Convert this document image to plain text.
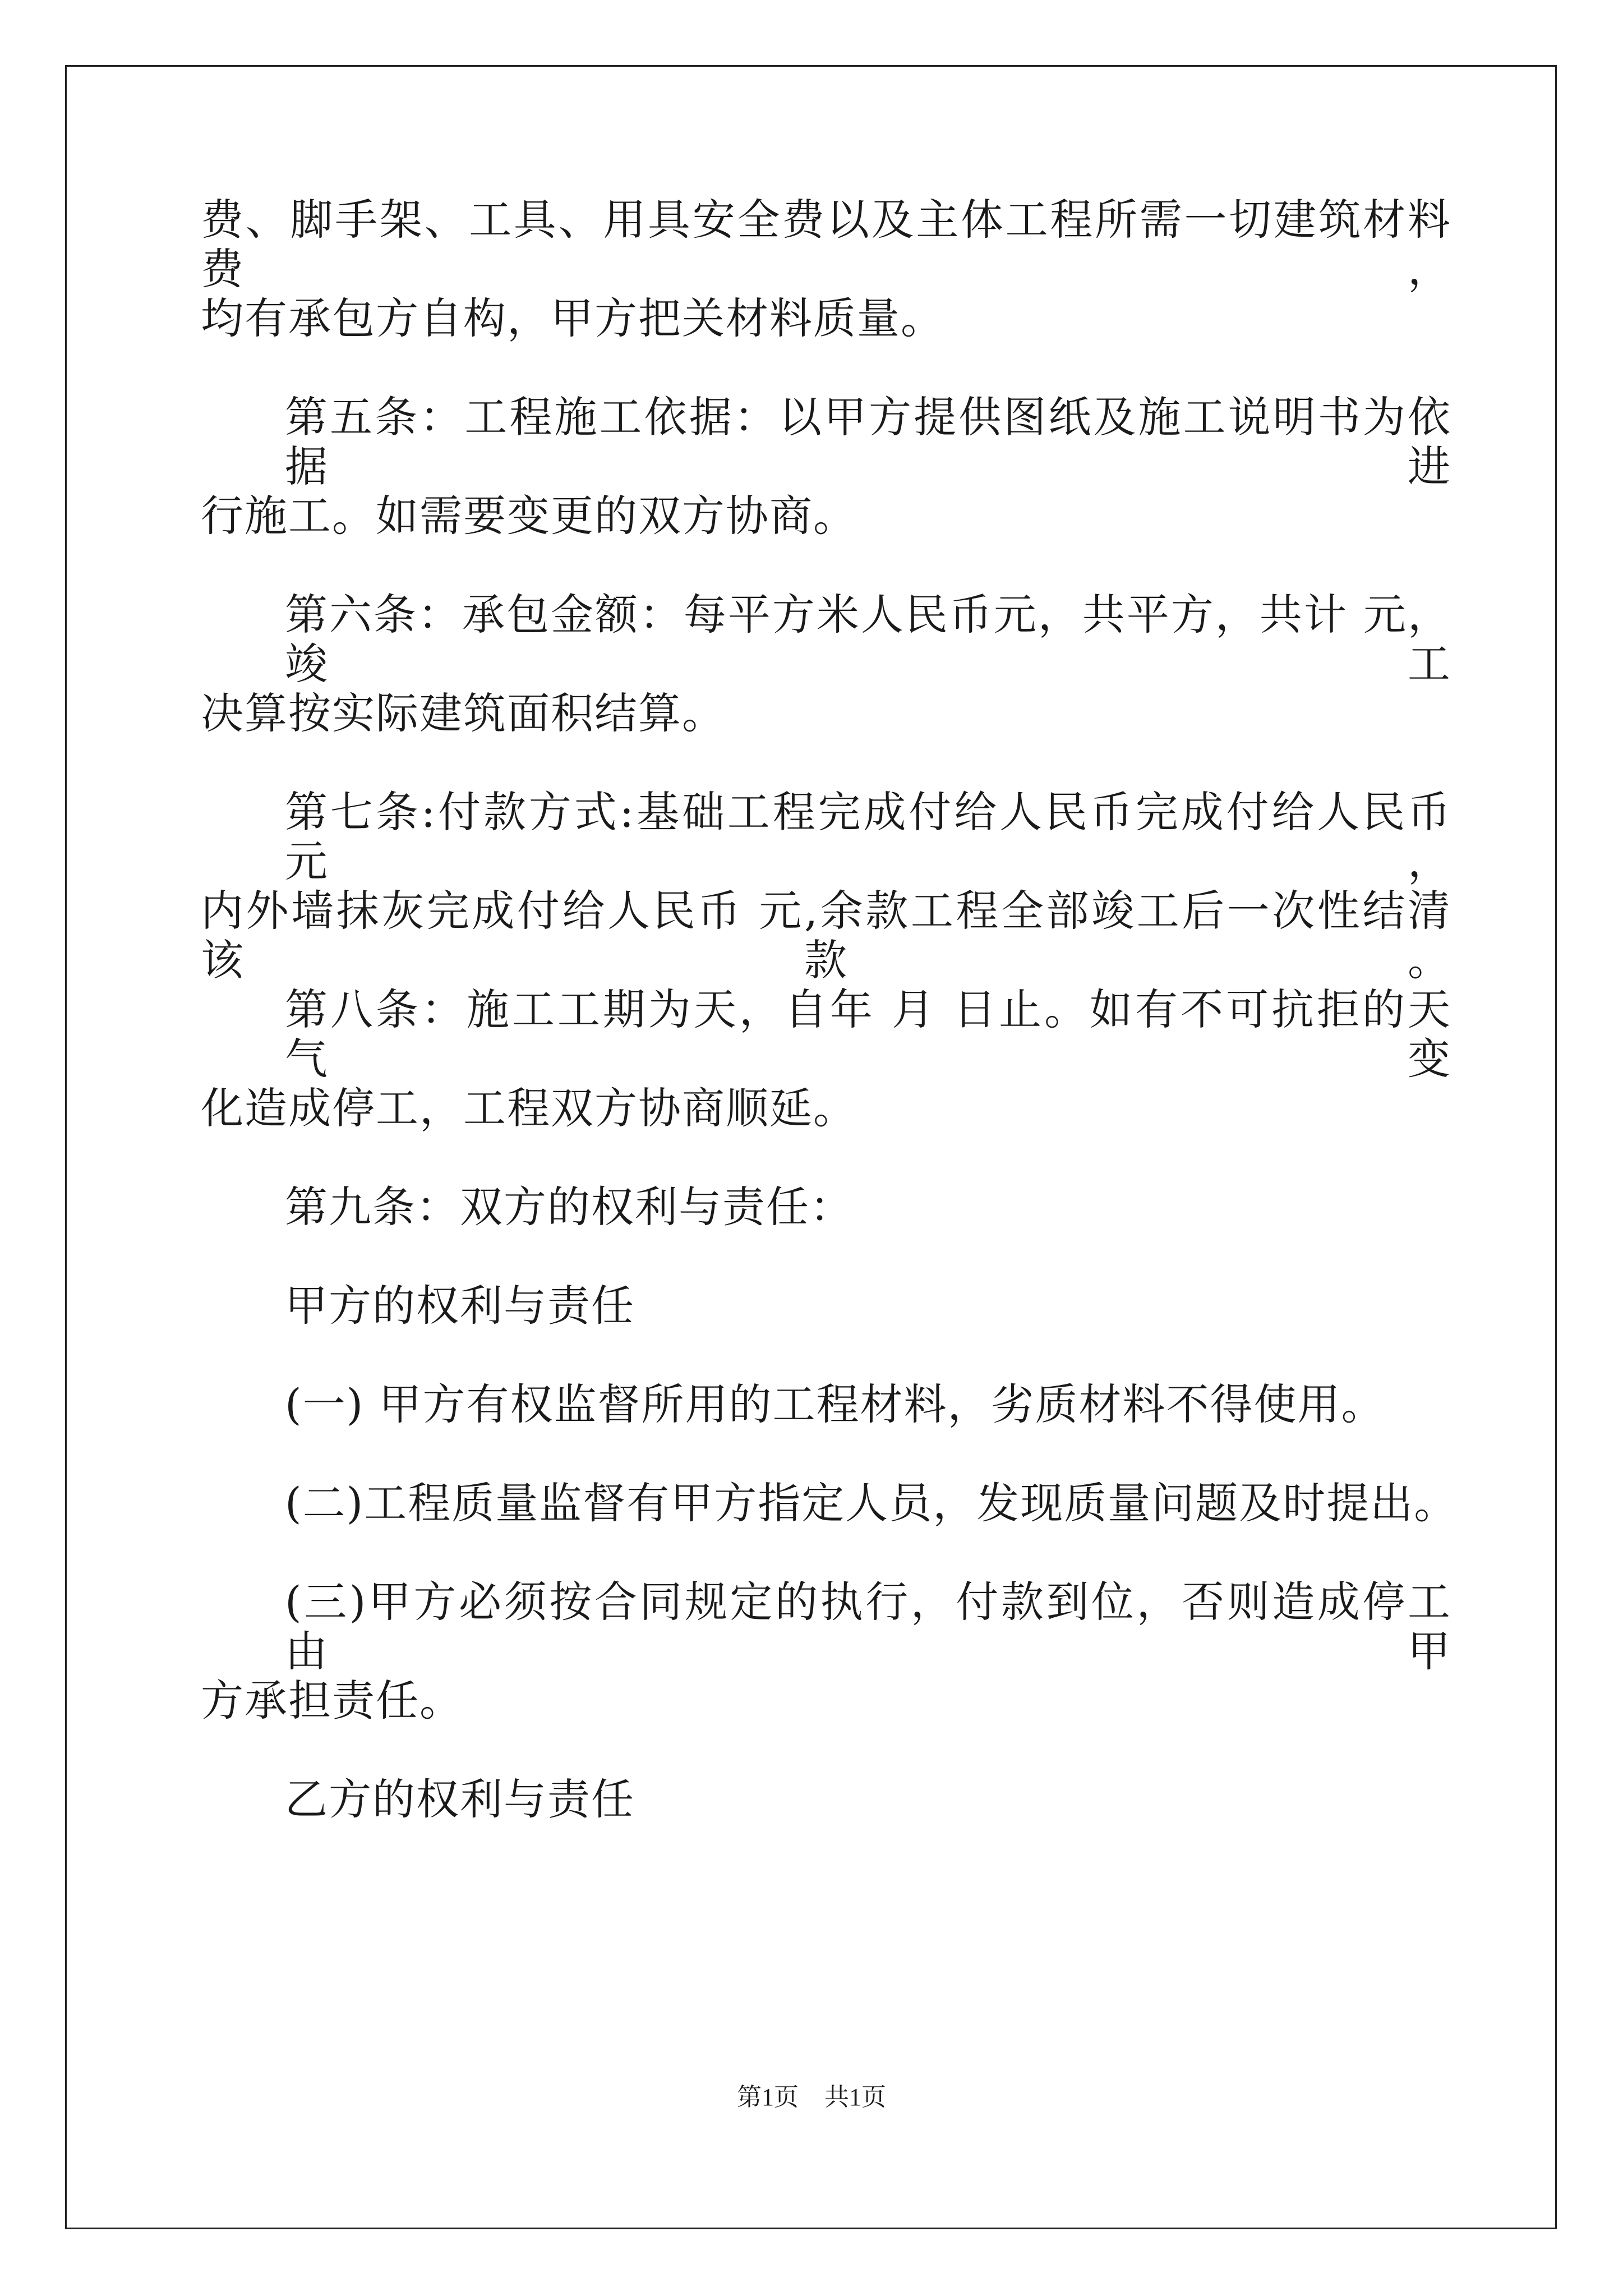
费、脚手架、工具、用具安全费以及主体工程所需一切建筑材料费，
均有承包方自构，甲方把关材料质量。
第五条：工程施工依据：以甲方提供图纸及施工说明书为依据进
行施工。如需要变更的双方协商。
第六条：承包金额：每平方米人民币元，共平方，共计 元，竣工
决算按实际建筑面积结算。
第七条:付款方式:基础工程完成付给人民币完成付给人民币 元，
内外墙抹灰完成付给人民币 元,余款工程全部竣工后一次性结清该款。
第八条：施工工期为天，自年 月 日止。如有不可抗拒的天气变
化造成停工，工程双方协商顺延。
第九条：双方的权利与责任：
甲方的权利与责任
(一) 甲方有权监督所用的工程材料，劣质材料不得使用。
(二)工程质量监督有甲方指定人员，发现质量问题及时提出。
(三)甲方必须按合同规定的执行，付款到位，否则造成停工由甲
方承担责任。
乙方的权利与责任
第1页 共1页
